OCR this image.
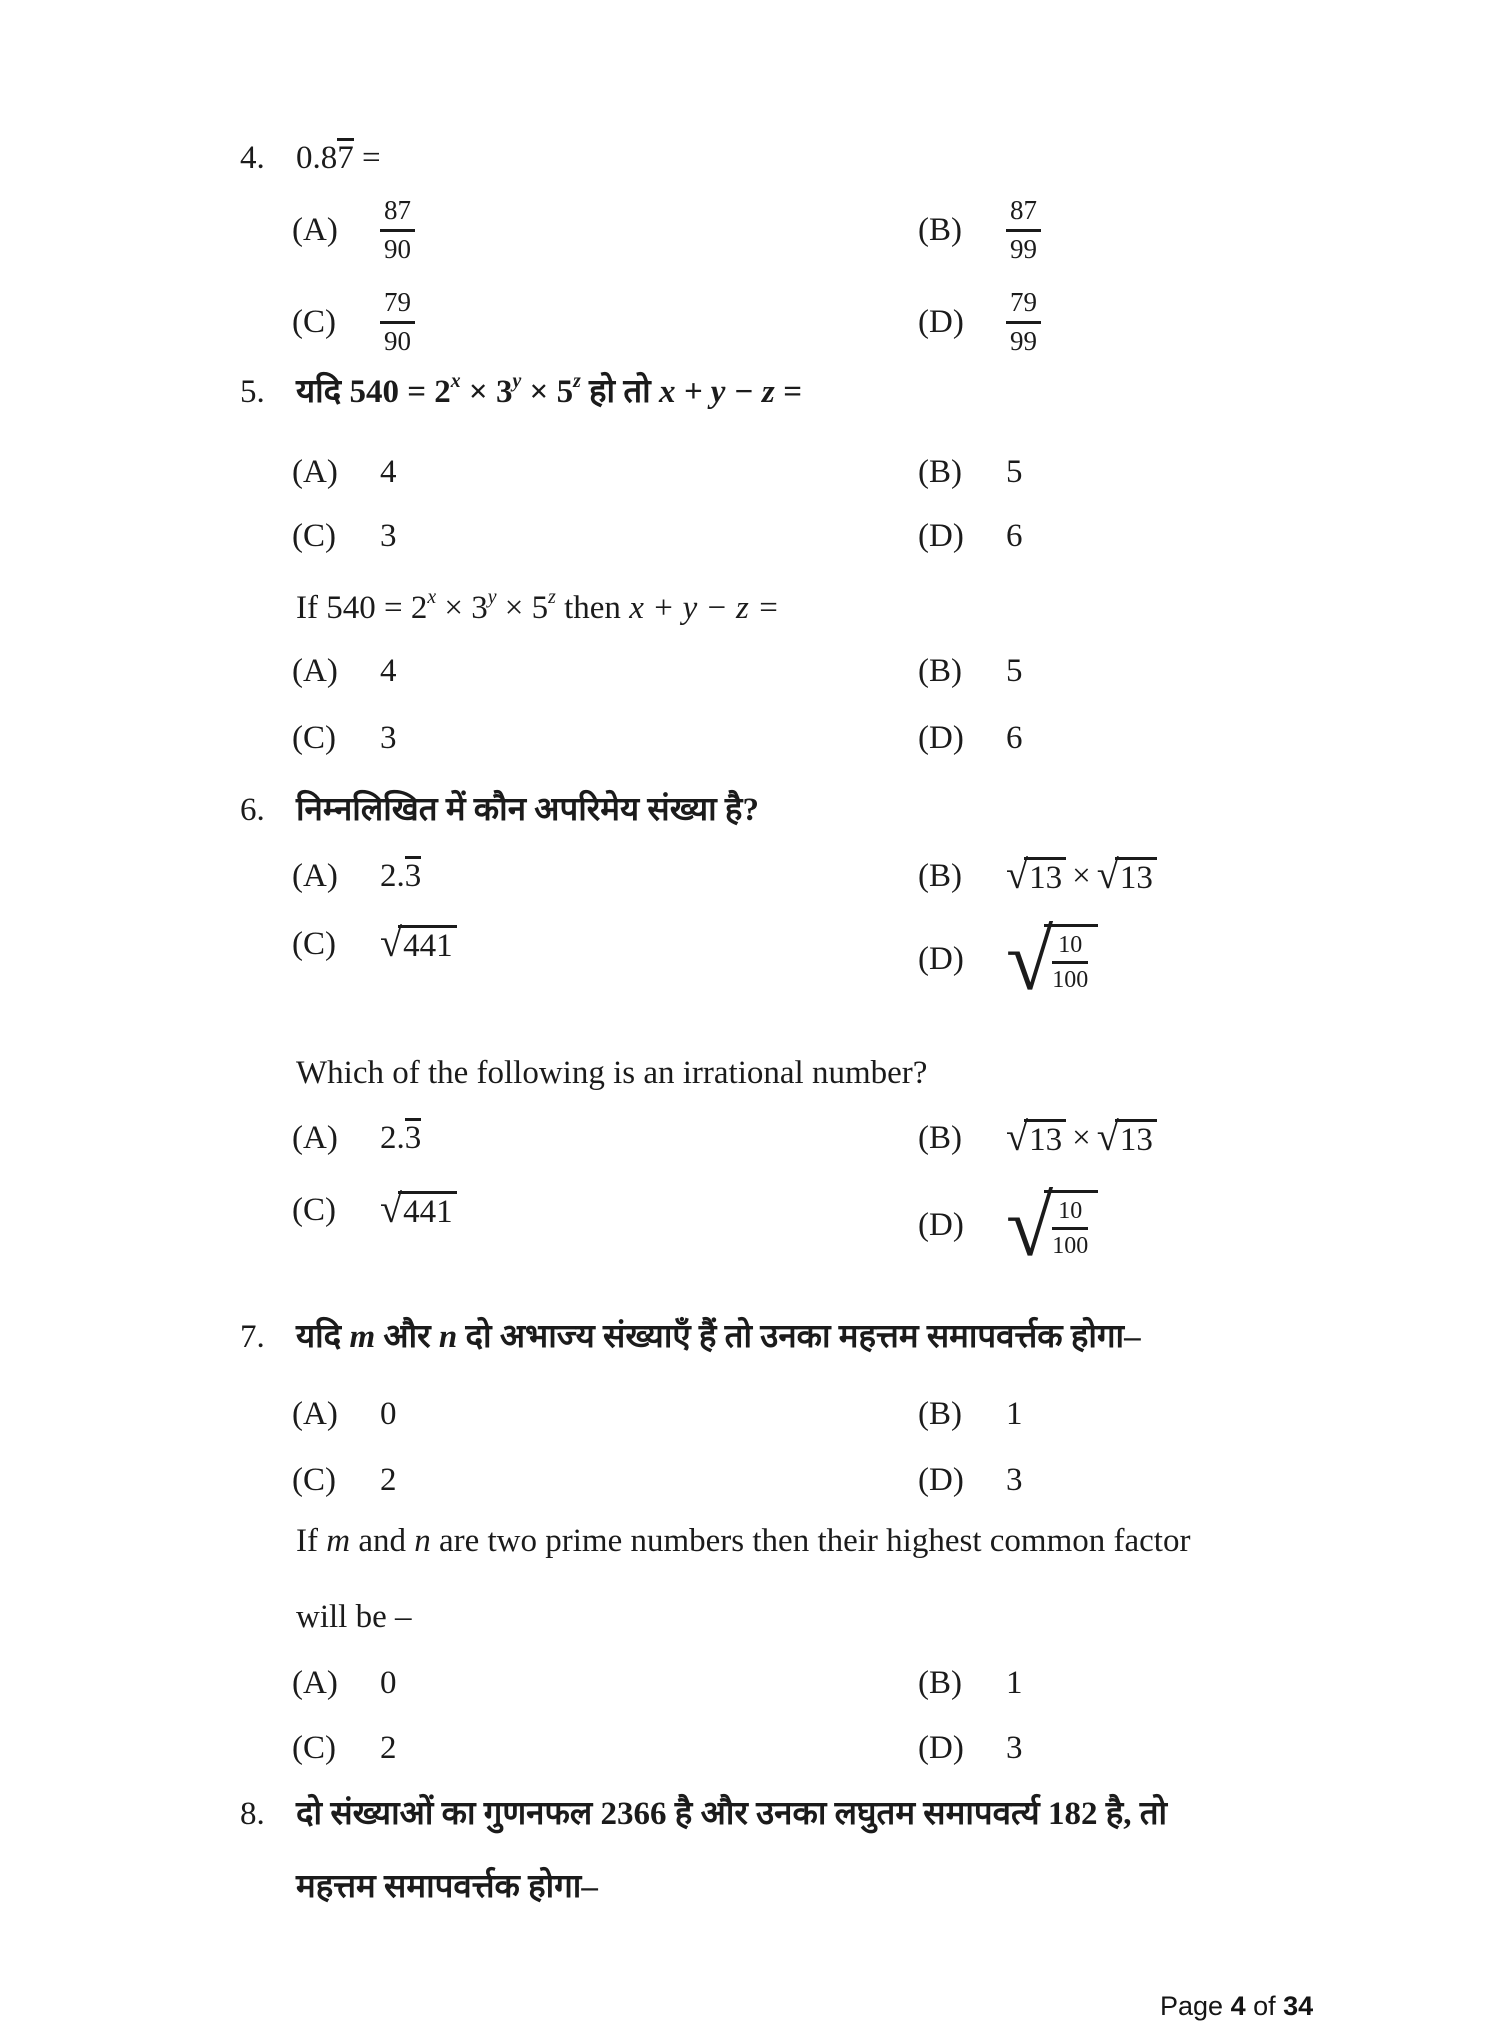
4. 0.87 =
(A)	$\frac{87}{90}$	(B)	$\frac{87}{99}$
(C)	$\frac{79}{90}$	(D)	$\frac{79}{99}$
5. यदि $540 = 2^x \times 3^y \times 5^z$ हो तो x + y − z =
(A)	4	(B)	5
(C)	3	(D)	6
If $540 = 2^x \times 3^y \times 5^z$ then x + y − z =
(A)	4	(B)	5
(C)	3	(D)	6
6. निम्नलिखित में कौन अपरिमेय संख्या है?
(A)	2.3	(B)	√ 13 × √ 13
(C)	√ 441	(D) √ $\frac{10}{100}$
Which of the following is an irrational number?
(A)	2.3	(B)	√ 13 × √ 13
(C)	√ 441	(D) √ $\frac{10}{100}$
7. यदि m और n दो अभाज्य संख्याएँ हैं तो उनका महत्तम समापवर्त्तक होगा–
(A)	0	(B)	1
(C)	2	(D)	3
If m and n are two prime numbers then their highest common factor
will be –
(A)	0	(B)	1
(C)	2	(D)	3
8. दो संख्याओं का गुणनफल 2366 है और उनका लघुतम समापवर्त्य 182 है, तो
महत्तम समापवर्त्तक होगा–
Page 4 of 34
